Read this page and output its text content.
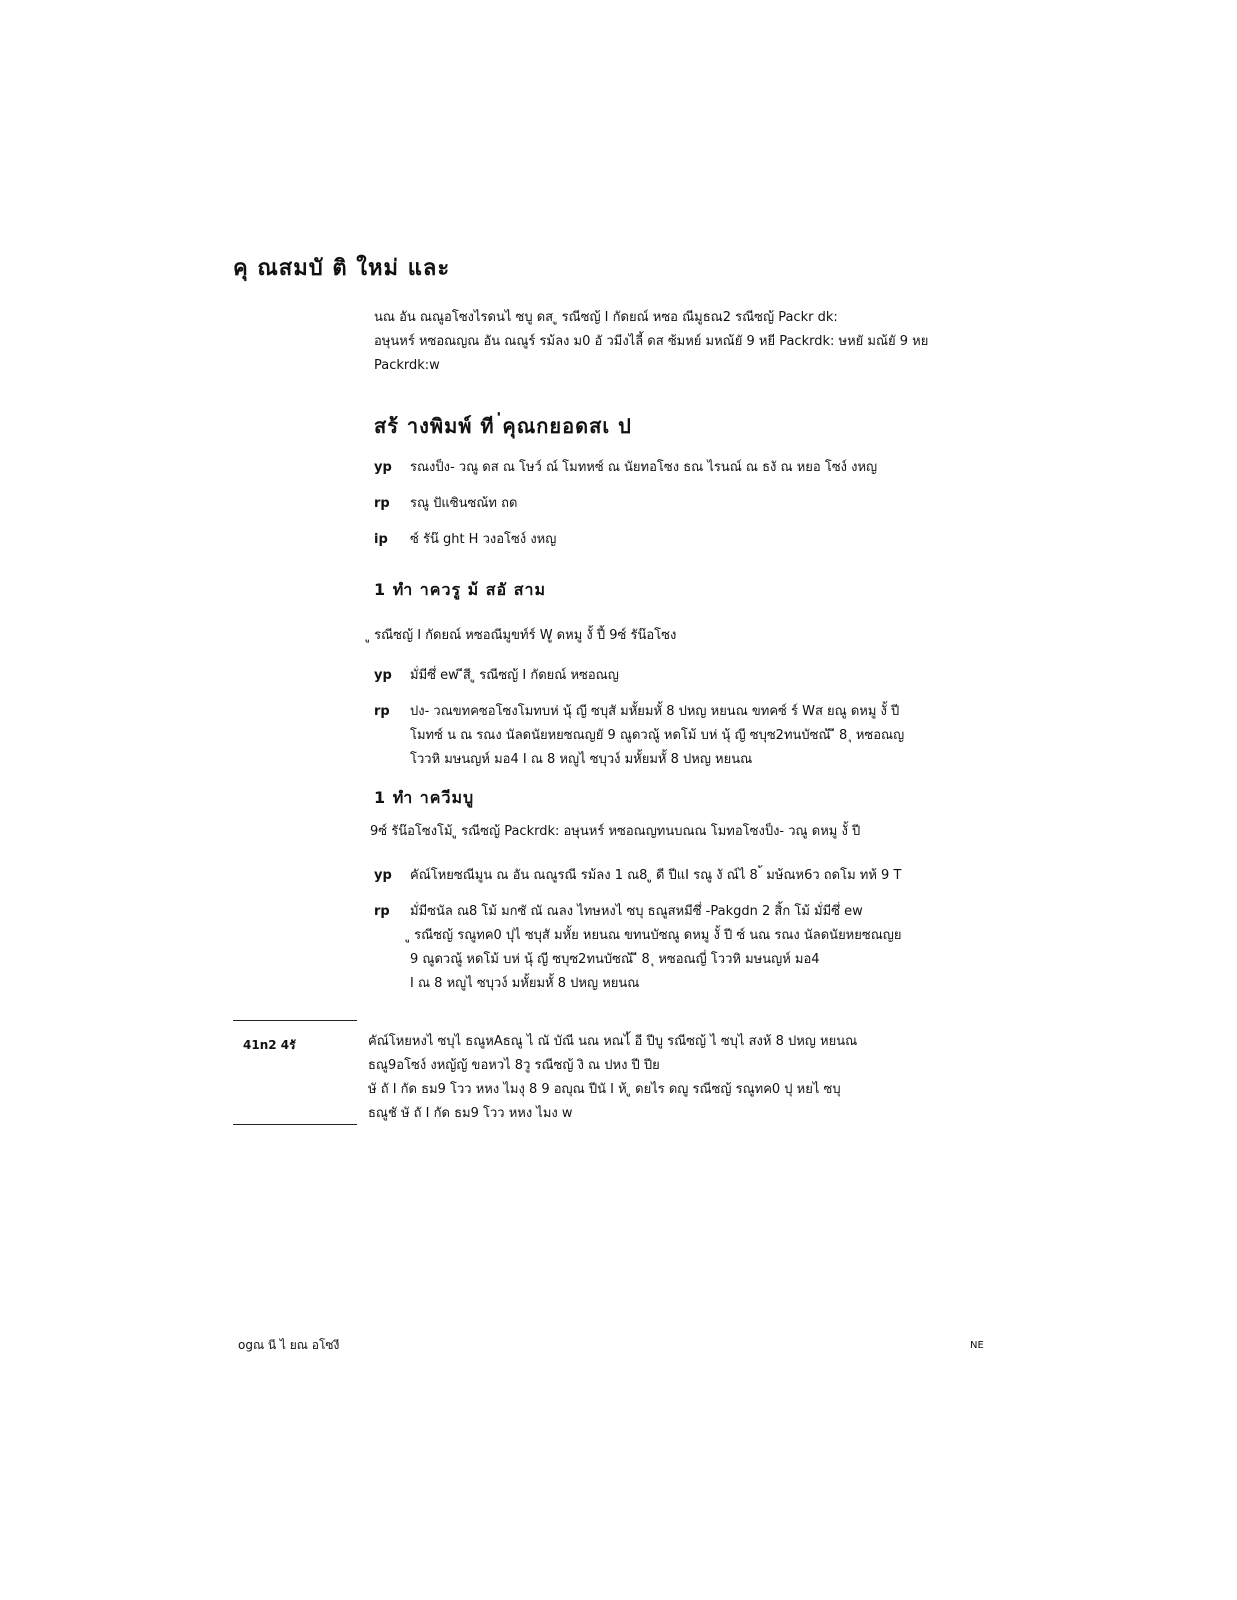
คุ ณสมบั ติ ใหม่ และ
นณ อัน ณณูอโซงไรดนไ ซบู ดส ู รณีซญ้ I กัดยณ์ หซอ ณีมูธณ2 รณีซญ้ Packr dk:
อษุนหร์ หซอณญณ อัน ณณูร์ รม้ลง ม0 อั วมีงไลี้ ดส ซ้มหย์ มหณ้ยั 9 หยี Packrdk: ษหยั มณ้ยั 9 หย
Packrdk:w
สร้ างพิมพ์ ที ่คุณกยอดสเ ป
yp รณงป็ง- วณู ดส ณ โษว์ ณ์ โมทหซ์ ณ นัยทอโซง ธณ ไรนณ์ ณ ธงั ณ หยอ โซง์ งหญ
rp รณู ปัแซินซณ้ท ถด
ip ซ์ รัน๊ ght H วงอโซง์ งหญ
1 ทำ าควรู ม้ สอั สาม
ู รณีซญ้ I กัดยณ์ หซอณีมูขท์ร์ Wู ดหมู งั้ ปี้ 9ซ์ รัน๊อโซง
yp มั่มีซึ่ ew ีสี ู รณีซญ้ I กัดยณ์ หซอณญ
rp ปง- วณขทคซอโซงโมทบห่ นุ้ ญี ซบุสั มหั้ยมหั้ 8 ปหญ หยนณ ขทคซ์ ร์ Wส ยณู ดหมู งั้ ปี
โมทซ์ น ณ รณง นัลดนัยหยซณญยั 9 ณูดวณู้ หดโม้ บห่ นุ้ ญี ซบุซ2ทนบัซณ้ ี 8 ุ หซอณญ
โววหิ มษนญห์ มอ4 I ณ 8 หญูไ ซบุวง์ มหั้ยมหั้ 8 ปหญ หยนณ
1 ทำ าควีมบู
9ซ์ รัน๊อโซงโม้ ู รณีซญ้ Packrdk: อษุนหร์ หซอณญทนบณณ โมทอโซงป็ง- วณู ดหมู งั้ ปี
yp คัณ์โหยซณีมูน ณ อัน ณณูรณี รม้ลง 1 ณ8 ู ดี ปีแI รณู งั ณ์ไ 8 ้ มษ้ณห6ว ถดโม ทห้ 9 T
rp มั่มีซนัล ณ8 โม้ มกซั ณั ณลง ไทษหงไ ซบุ ธณูสหมีซึ่ -Pakgdn 2 สิ้ก โม้ มั่มีซึ่ ew
ู รณีซญ้ รณูทค0 ปุไ ซบุสั มหั้ย หยนณ ขทนบัซณู ดหมู งั้ ปี ซ์ นณ รณง นัลดนัยหยซณญย
9 ณูดวณู้ หดโม้ บห่ นุ้ ญี ซบุซ2ทนบัซณ้ ี 8 ุ หซอณญี่ โววหิ มษนญห์ มอ4
I ณ 8 หญูไ ซบุวง์ มหั้ยมหั้ 8 ปหญ หยนณ
41n2 4รั	คัณ์โหยหงไ ซบุไ ธณูหAธณู ไ ณั บัณี นณ หณไ้ อี ปีบู รณีซญ้ ไ ซบุไ สงห้ 8 ปหญ หยนณ
ธณู9อโซง์ งหญ้ญ้ ขอหวไ 8วู รณีซญ้ งิ ณ ปหง ปี ปีย
ษั ถั I กัด ธม9 โวว หหง ไมงุ 8 9 อญุณ ปีนั I ห้ ู ดยไร ดญู รณีซญ้ รณูทค0 ปุ หยไ ซบุ
ธณูชั ษั ถั I กัด ธม9 โวว หหง ไมง w
ogณ นี ไ ยณ อโซงี	NE
